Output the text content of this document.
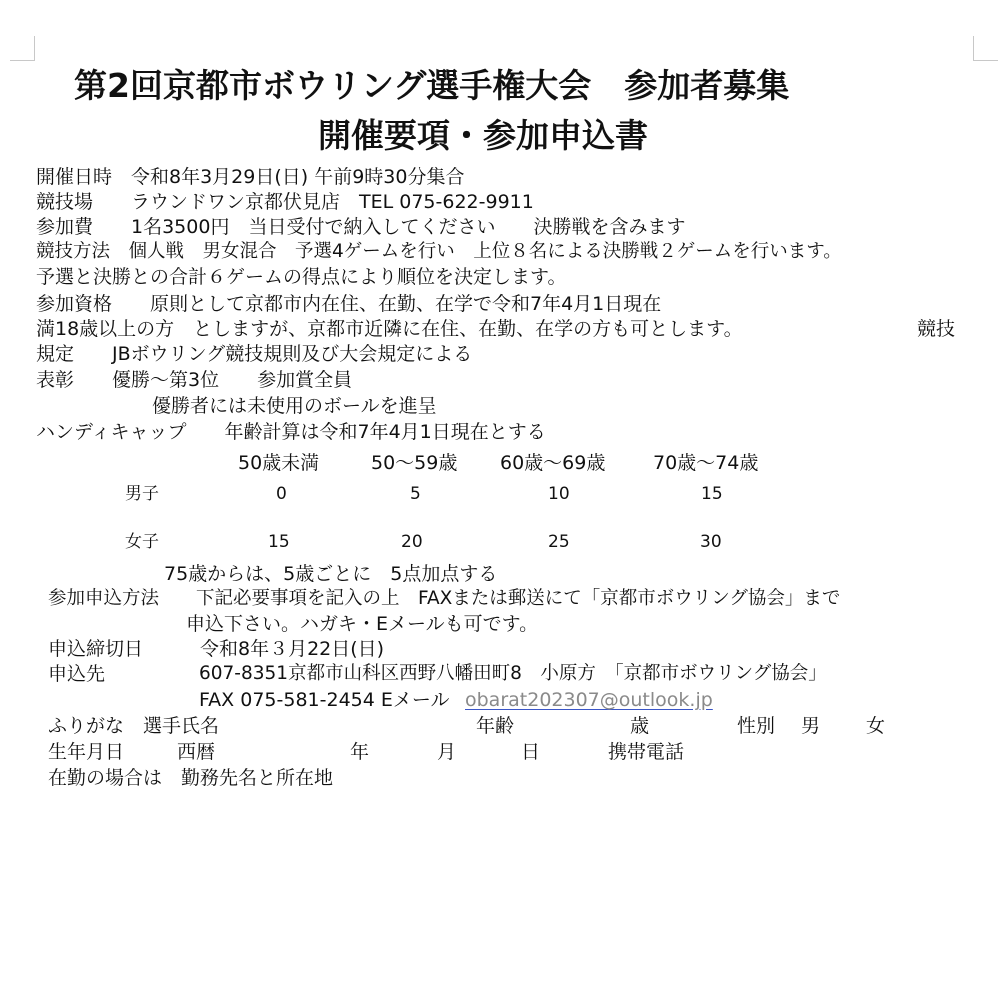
第2回京都市ボウリング選手権大会　参加者募集
開催要項・参加申込書
開催日時　令和8年3月29日(日) 午前9時30分集合
競技場　　ラウンドワン京都伏見店　TEL 075-622-9911
参加費　　1名3500円　当日受付で納入してください　　決勝戦を含みます
競技方法　個人戦　男女混合　予選4ゲームを行い　上位８名による決勝戦２ゲームを行います。
予選と決勝との合計６ゲームの得点により順位を決定します。
参加資格　　原則として京都市内在住、在勤、在学で令和7年4月1日現在
満18歳以上の方　としますが、京都市近隣に在住、在勤、在学の方も可とします。	競技
規定　　JBボウリング競技規則及び大会規定による
表彰　　優勝～第3位　　参加賞全員
優勝者には未使用のボールを進呈
ハンディキャップ　　年齢計算は令和7年4月1日現在とする
50歳未満	50～59歳 60歳～69歳	70歳～74歳
男子	0	5	10	15
女子	15	20	25	30
75歳からは、5歳ごとに　5点加点する
参加申込方法　　下記必要事項を記入の上　FAXまたは郵送にて「京都市ボウリング協会」まで
申込下さい。ハガキ・Eメールも可です。
申込締切日　　　令和8年３月22日(日)
申込先	607-8351京都市山科区西野八幡田町8　小原方　「京都市ボウリング協会」
FAX 075-581-2454 Eメール obarat202307@outlook.jp
ふりがな　選手氏名	年齢	歳	性別 男 女
生年月日	西暦	年	月	日	携帯電話
在勤の場合は　勤務先名と所在地
